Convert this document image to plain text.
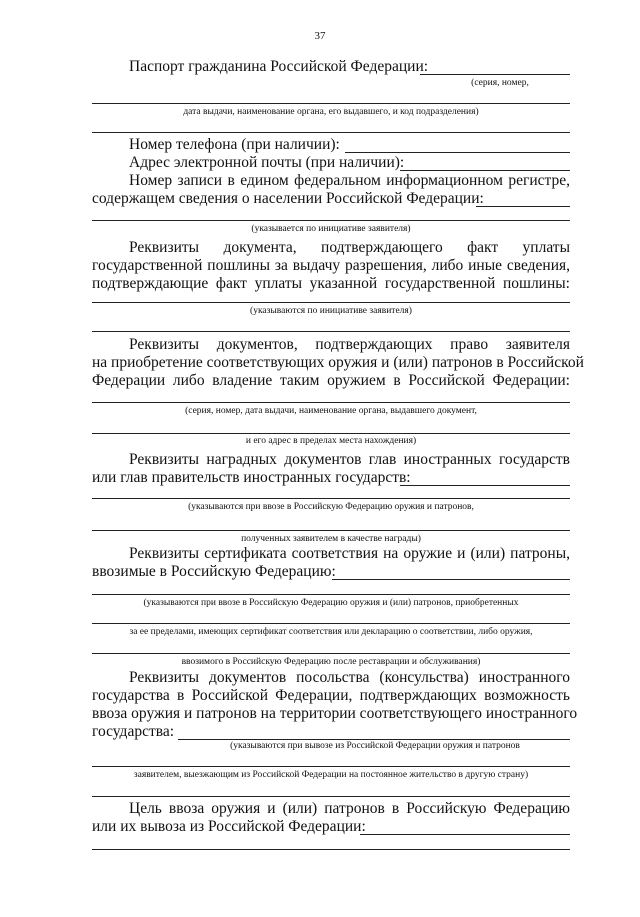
37
Паспорт гражданина Российской Федерации:
(серия, номер,
дата выдачи, наименование органа, его выдавшего, и код подразделения)
Номер телефона (при наличии):
Адрес электронной почты (при наличии):
Номер записи в едином федеральном информационном регистре,
содержащем сведения о населении Российской Федерации:
(указывается по инициативе заявителя)
Реквизиты документа, подтверждающего факт уплаты
государственной пошлины за выдачу разрешения, либо иные сведения,
подтверждающие факт уплаты указанной государственной пошлины:
(указываются по инициативе заявителя)
Реквизиты документов, подтверждающих право заявителя
на приобретение соответствующих оружия и (или) патронов в Российской
Федерации либо владение таким оружием в Российской Федерации:
(серия, номер, дата выдачи, наименование органа, выдавшего документ,
и его адрес в пределах места нахождения)
Реквизиты наградных документов глав иностранных государств
или глав правительств иностранных государств:
(указываются при ввозе в Российскую Федерацию оружия и патронов,
полученных заявителем в качестве награды)
Реквизиты сертификата соответствия на оружие и (или) патроны,
ввозимые в Российскую Федерацию:
(указываются при ввозе в Российскую Федерацию оружия и (или) патронов, приобретенных
за ее пределами, имеющих сертификат соответствия или декларацию о соответствии, либо оружия,
ввозимого в Российскую Федерацию после реставрации и обслуживания)
Реквизиты документов посольства (консульства) иностранного
государства в Российской Федерации, подтверждающих возможность
ввоза оружия и патронов на территории соответствующего иностранного
государства:
(указываются при вывозе из Российской Федерации оружия и патронов
заявителем, выезжающим из Российской Федерации на постоянное жительство в другую страну)
Цель ввоза оружия и (или) патронов в Российскую Федерацию
или их вывоза из Российской Федерации:
